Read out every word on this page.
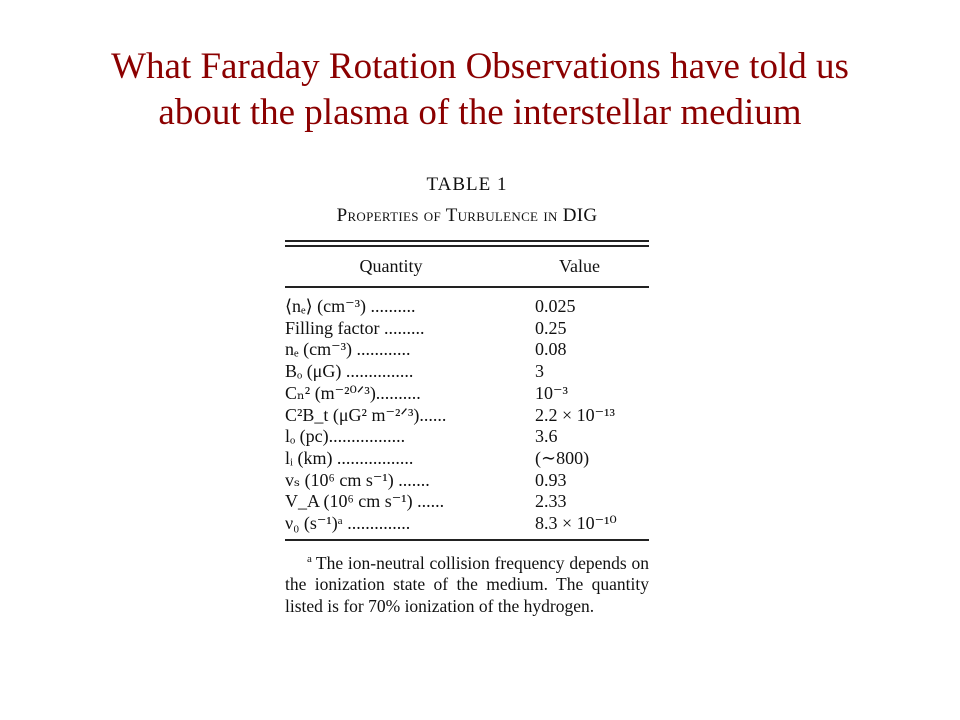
What Faraday Rotation Observations have told us
about the plasma of the interstellar medium
TABLE 1
Properties of Turbulence in DIG
Quantity	Value
⟨nₑ⟩ (cm⁻³) ..........	0.025
Filling factor .........	0.25
nₑ (cm⁻³) ............	0.08
Bₒ (μG) ...............	3
Cₙ² (m⁻²⁰ᐟ³)..........	10⁻³
C²B_t (μG² m⁻²ᐟ³)......	2.2 × 10⁻¹³
lₒ (pc).................	3.6
lᵢ (km) .................	(∼800)
vₛ (10⁶ cm s⁻¹) .......	0.93
V_A (10⁶ cm s⁻¹) ......	2.33
ν₀ (s⁻¹)ᵃ ..............	8.3 × 10⁻¹⁰
$^a$ The ion-neutral collision frequency depends on the ionization state of the medium. The quantity listed is for 70% ionization of the hydrogen.
